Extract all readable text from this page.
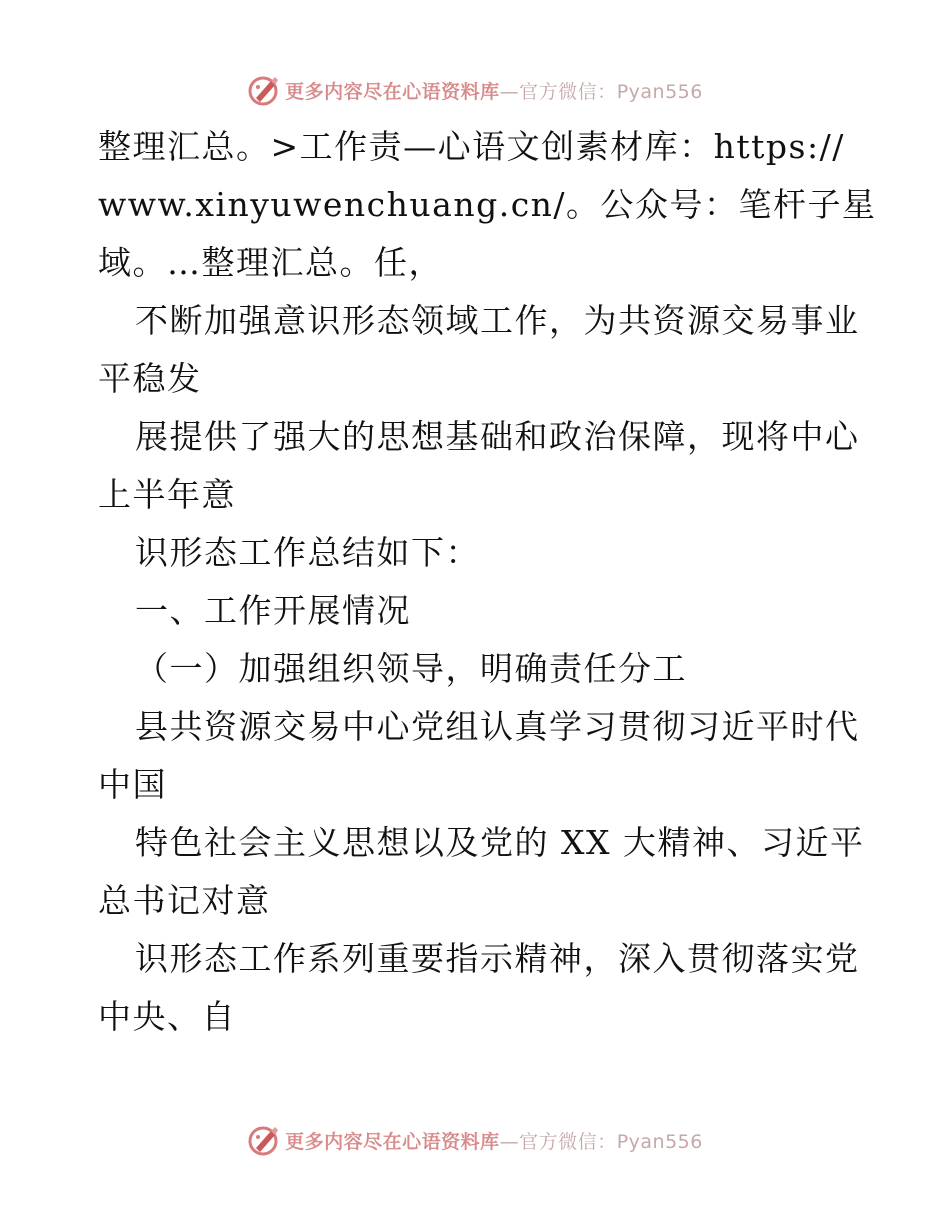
更多内容尽在心语资料库—官方微信：Pyan556
整理汇总。>工作责—心语文创素材库：https://
www.xinyuwenchuang.cn/。公众号：笔杆子星
域。…整理汇总。任，
不断加强意识形态领域工作，为共资源交易事业
平稳发
展提供了强大的思想基础和政治保障，现将中心
上半年意
识形态工作总结如下：
一、工作开展情况
（一）加强组织领导，明确责任分工
县共资源交易中心党组认真学习贯彻习近平时代
中国
特色社会主义思想以及党的 XX 大精神、习近平
总书记对意
识形态工作系列重要指示精神，深入贯彻落实党
中央、自
更多内容尽在心语资料库—官方微信：Pyan556
